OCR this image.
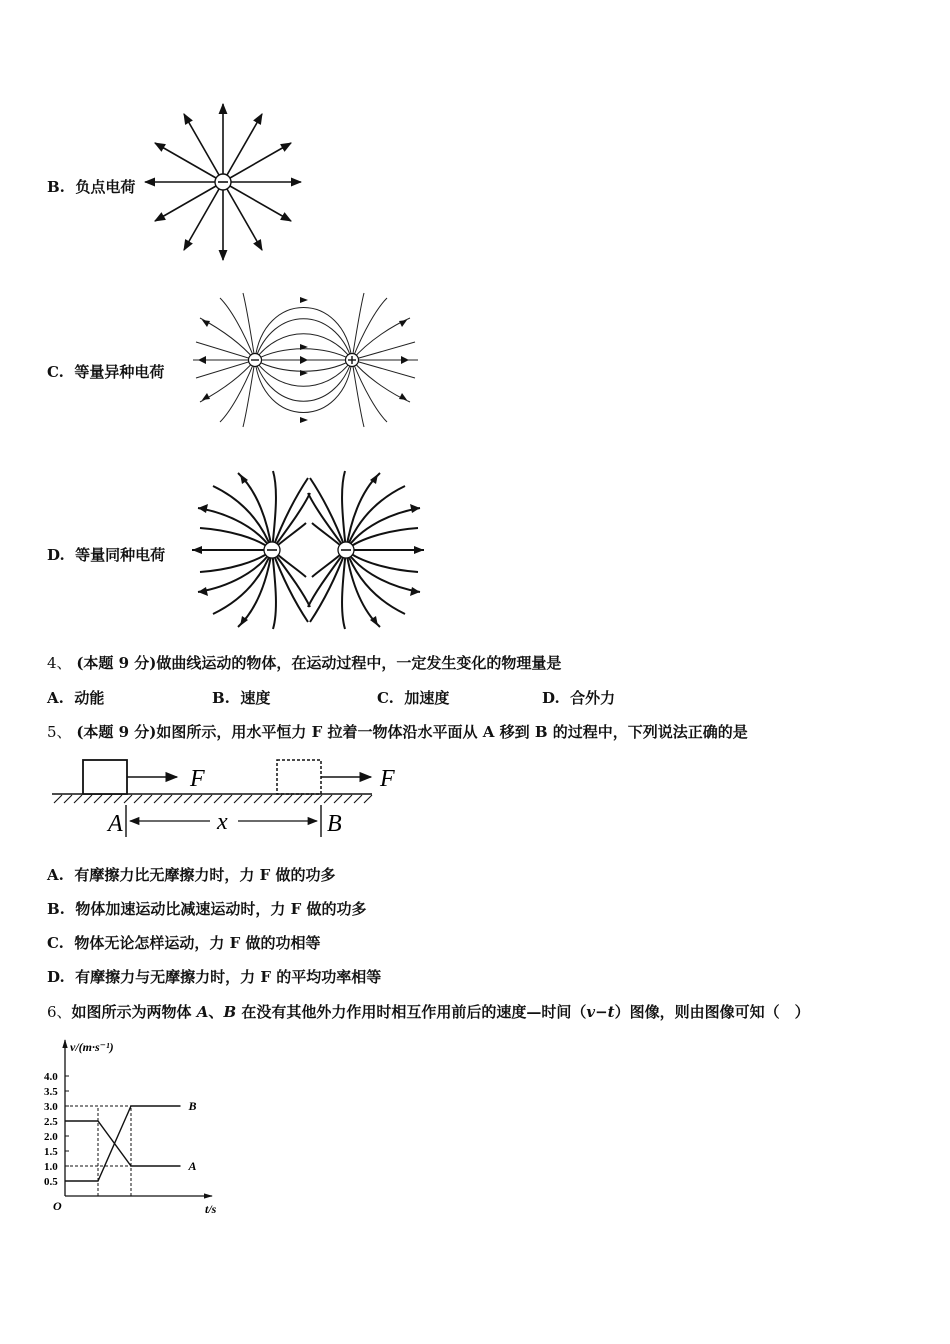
B. 负点电荷
C. 等量异种电荷
D. 等量同种电荷
4、 (本题 9 分)做曲线运动的物体，在运动过程中，一定发生变化的物理量是
A. 动能	B. 速度	C. 加速度	D. 合外力
5、 (本题 9 分)如图所示，用水平恒力 F 拉着一物体沿水平面从 A 移到 B 的过程中，下列说法正确的是
F	F
A	x	B
A. 有摩擦力比无摩擦力时，力 F 做的功多
B. 物体加速运动比减速运动时，力 F 做的功多
C. 物体无论怎样运动，力 F 做的功相等
D. 有摩擦力与无摩擦力时，力 F 的平均功率相等
6、如图所示为两物体 A、B 在没有其他外力作用时相互作用前后的速度—时间（v−t）图像，则由图像可知（　）
v/(m·s⁻¹)
t/s
O
0.5
1.0
1.5
2.0
2.5
3.0
3.5
4.0
A
B
